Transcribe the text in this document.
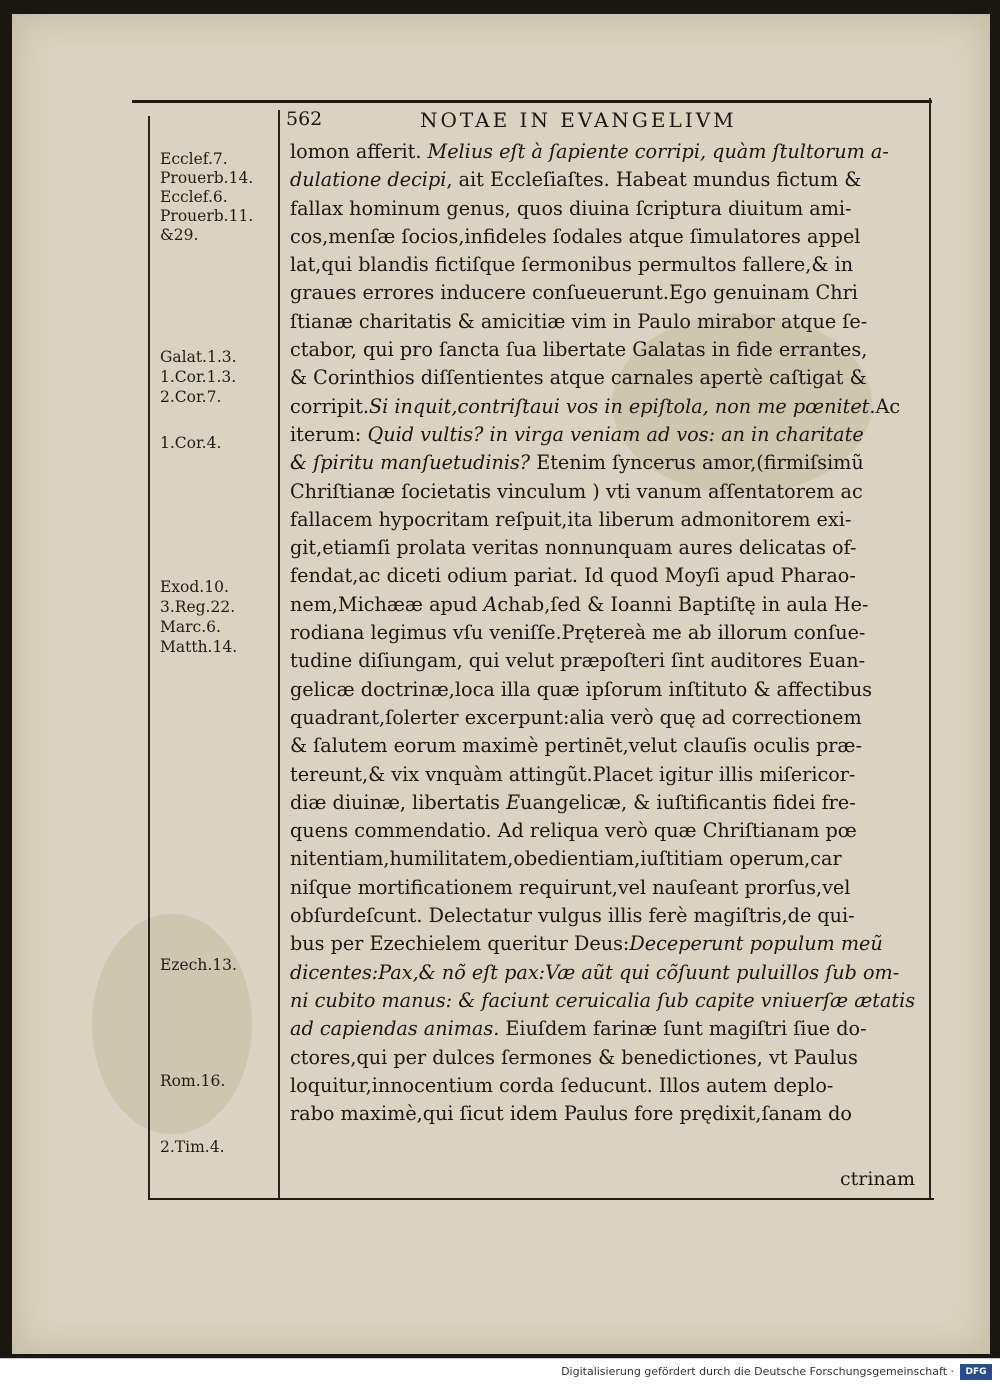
562	NOTAE IN EVANGELIVM
Ecclef.7.
Prouerb.14.
Ecclef.6.
Prouerb.11.
&29.
Galat.1.3.
1.Cor.1.3.
2.Cor.7.
1.Cor.4.
Exod.10.
3.Reg.22.
Marc.6.
Matth.14.
Ezech.13.
Rom.16.
2.Tim.4.
lomon afferit. Melius eſt à ſapiente corripi, quàm ſtultorum a-
dulatione decipi, ait Eccleſiaſtes. Habeat mundus fictum &
fallax hominum genus, quos diuina ſcriptura diuitum ami-
cos,menſæ ſocios,infideles ſodales atque ſimulatores appel
lat,qui blandis fictiſque ſermonibus permultos fallere,& in
graues errores inducere conſueuerunt.Ego genuinam Chri
ſtianæ charitatis & amicitiæ vim in Paulo mirabor atque ſe-
ctabor, qui pro ſancta ſua libertate Galatas in fide errantes,
& Corinthios diſſentientes atque carnales apertè caſtigat &
corripit.Si inquit,contriſtaui vos in epiſtola, non me pœnitet.Ac
iterum: Quid vultis? in virga veniam ad vos: an in charitate
& ſpiritu manſuetudinis? Etenim ſyncerus amor,(firmiſsimũ
Chriſtianæ ſocietatis vinculum ) vti vanum aſſentatorem ac
fallacem hypocritam reſpuit,ita liberum admonitorem exi-
git,etiamſi prolata veritas nonnunquam aures delicatas of-
fendat,ac diceti odium pariat. Id quod Moyſi apud Pharao-
nem,Michææ apud Achab,ſed & Ioanni Baptiſtę in aula He-
rodiana legimus vſu veniſſe.Prętereà me ab illorum conſue-
tudine diſiungam, qui velut præpoſteri ſint auditores Euan-
gelicæ doctrinæ,loca illa quæ ipſorum inſtituto & affectibus
quadrant,ſolerter excerpunt:alia verò quę ad correctionem
& ſalutem eorum maximè pertinēt,velut clauſis oculis præ-
tereunt,& vix vnquàm attingũt.Placet igitur illis miſericor-
diæ diuinæ, libertatis Euangelicæ, & iuſtificantis fidei fre-
quens commendatio. Ad reliqua verò quæ Chriſtianam pœ
nitentiam,humilitatem,obedientiam,iuſtitiam operum,car
niſque mortificationem requirunt,vel nauſeant prorſus,vel
obſurdeſcunt. Delectatur vulgus illis ferè magiſtris,de qui-
bus per Ezechielem queritur Deus:Deceperunt populum meũ
dicentes:Pax,& nõ eſt pax:Væ aũt qui cõſuunt puluillos ſub om-
ni cubito manus: & faciunt ceruicalia ſub capite vniuerſæ ætatis
ad capiendas animas. Eiuſdem farinæ ſunt magiſtri ſiue do-
ctores,qui per dulces ſermones & benedictiones, vt Paulus
loquitur,innocentium corda ſeducunt. Illos autem deplo-
rabo maximè,qui ſicut idem Paulus fore prędixit,ſanam do
ctrinam
Digitalisierung gefördert durch die Deutsche Forschungsgemeinschaft ·	DFG
